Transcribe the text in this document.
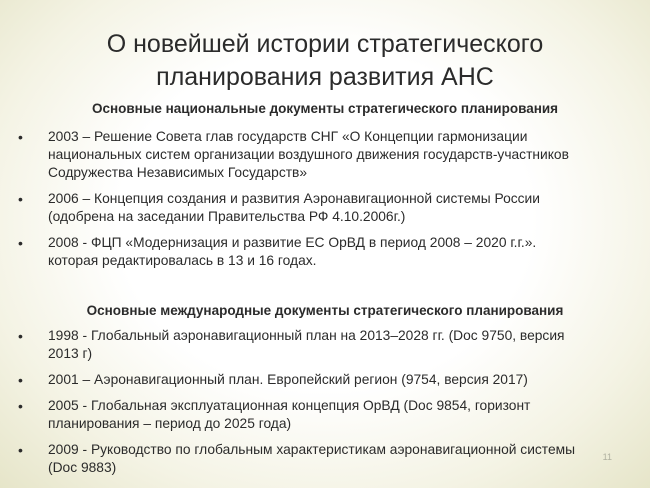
О новейшей истории стратегического
планирования развития АНС
Основные национальные документы стратегического планирования
• 2003 – Решение Совета глав государств СНГ «О Концепции гармонизации
национальных систем организации воздушного движения государств-участников
Содружества Независимых Государств»
• 2006 – Концепция создания и развития Аэронавигационной системы России
(одобрена на заседании Правительства РФ 4.10.2006г.)
• 2008 - ФЦП «Модернизация и развитие ЕС ОрВД в период 2008 – 2020 г.г.».
которая редактировалась в 13 и 16 годах.
Основные международные документы стратегического планирования
• 1998 - Глобальный аэронавигационный план на 2013–2028 гг. (Doc 9750, версия
2013 г)
• 2001 – Аэронавигационный план. Европейский регион (9754, версия 2017)
• 2005 - Глобальная эксплуатационная концепция ОрВД (Doc 9854, горизонт
планирования – период до 2025 года)
• 2009 - Руководство по глобальным характеристикам аэронавигационной системы
(Doc 9883)
11
